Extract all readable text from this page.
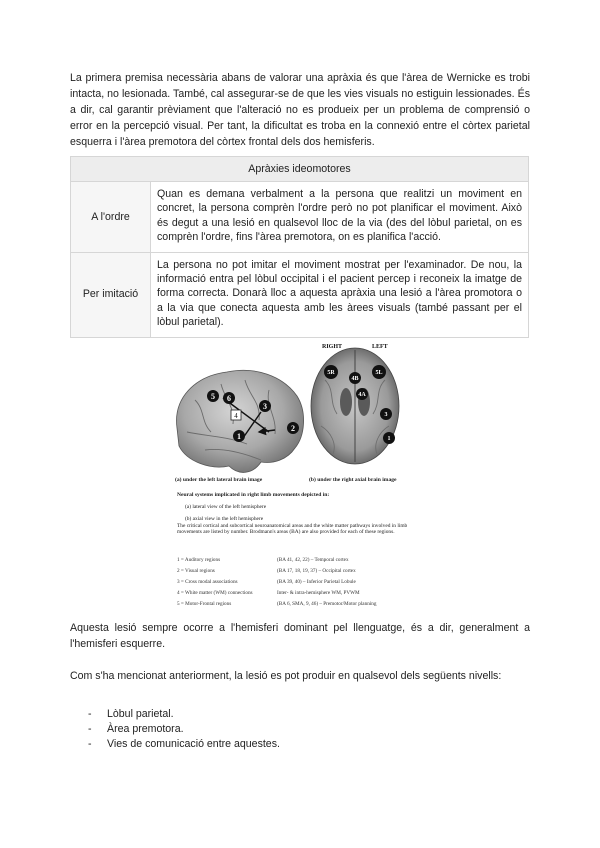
La primera premisa necessària abans de valorar una apràxia és que l'àrea de Wernicke es trobi intacta, no lesionada. També, cal assegurar-se de que les vies visuals no estiguin lessionades. És a dir, cal garantir prèviament que l'alteració no es produeix per un problema de comprensió o error en la percepció visual. Per tant, la dificultat es troba en la connexió entre el còrtex parietal esquerra i l'àrea premotora del còrtex frontal dels dos hemisferis.

Apràxies ideomotores	
A l'ordre	Quan es demana verbalment a la persona que realitzi un moviment en concret, la persona comprèn l'ordre però no pot planificar el moviment. Això és degut a una lesió en qualsevol lloc de la via (des del lòbul parietal, on es comprèn l'ordre, fins l'àrea premotora, on es planifica l'acció.
Per imitació	La persona no pot imitar el moviment mostrat per l'examinador. De nou, la informació entra pel lòbul occipital i el pacient percep i reconeix la imatge de forma correcta. Donarà lloc a aquesta apràxia una lesió a l'àrea promotora o a la via que conecta aquesta amb les àrees visuals (també passant per el lòbul parietal).
4
5 6
3
2
1
RIGHT	LEFT
5R	5L
4B
4A
3
1
(a) under the left lateral brain image	(b) under the right axial brain image
Neural systems implicated in right limb movements depicted in:
(a) lateral view of the left hemisphere
(b) axial view in the left hemisphere
The critical cortical and subcortical neuroanatomical areas and the white matter pathways involved in limb movements are listed by number. Brodmann's areas (BA) are also provided for each of these regions.
1 = Auditory regions	(BA 41, 42, 22) – Temporal cortex
2 = Visual regions	(BA 17, 18, 19, 37) – Occipital cortex
3 = Cross modal associations	(BA 39, 40) – Inferior Parietal Lobule
4 = White matter (WM) connections	Inter- & intra-hemisphere WM, PVWM
5 = Motor-Frontal regions	(BA 6, SMA, 9, 46) – Premotor/Motor planning

Aquesta lesió sempre ocorre a l'hemisferi dominant pel llenguatge, és a dir, generalment a l'hemisferi esquerre.

Com s'ha mencionat anteriorment, la lesió es pot produir en qualsevol dels següents nivells:

- Lòbul parietal.
- Àrea premotora.
- Vies de comunicació entre aquestes.
